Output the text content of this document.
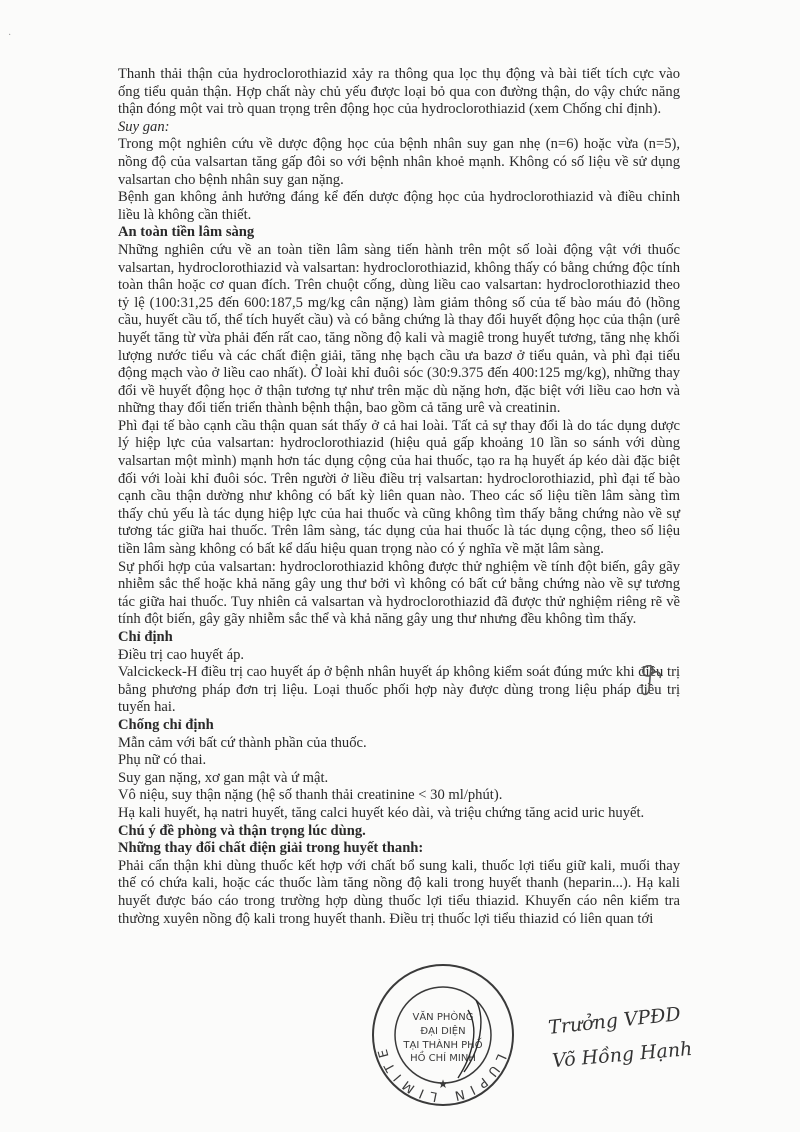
·

Thanh thải thận của hydroclorothiazid xảy ra thông qua lọc thụ động và bài tiết tích cực vào ống tiểu quản thận. Hợp chất này chủ yếu được loại bỏ qua con đường thận, do vậy chức năng thận đóng một vai trò quan trọng trên động học của hydroclorothiazid (xem Chống chỉ định).

Suy gan:

Trong một nghiên cứu về dược động học của bệnh nhân suy gan nhẹ (n=6) hoặc vừa (n=5), nồng độ của valsartan tăng gấp đôi so với bệnh nhân khoẻ mạnh. Không có số liệu về sử dụng valsartan cho bệnh nhân suy gan nặng.

Bệnh gan không ảnh hưởng đáng kể đến dược động học của hydroclorothiazid và điều chỉnh liều là không cần thiết.

An toàn tiền lâm sàng

Những nghiên cứu về an toàn tiền lâm sàng tiến hành trên một số loài động vật với thuốc valsartan, hydroclorothiazid và valsartan: hydroclorothiazid, không thấy có bằng chứng độc tính toàn thân hoặc cơ quan đích. Trên chuột cống, dùng liều cao valsartan: hydroclorothiazid theo tỷ lệ (100:31,25 đến 600:187,5 mg/kg cân nặng) làm giảm thông số của tế bào máu đỏ (hồng cầu, huyết cầu tố, thể tích huyết cầu) và có bằng chứng là thay đổi huyết động học của thận (urê huyết tăng từ vừa phải đến rất cao, tăng nồng độ kali và magiê trong huyết tương, tăng nhẹ khối lượng nước tiểu và các chất điện giải, tăng nhẹ bạch cầu ưa bazơ ở tiểu quản, và phì đại tiểu động mạch vào ở liều cao nhất). Ở loài khỉ đuôi sóc (30:9.375 đến 400:125 mg/kg), những thay đổi về huyết động học ở thận tương tự như trên mặc dù nặng hơn, đặc biệt với liều cao hơn và những thay đổi tiến triển thành bệnh thận, bao gồm cả tăng urê và creatinin.

Phì đại tế bào cạnh cầu thận quan sát thấy ở cả hai loài. Tất cả sự thay đổi là do tác dụng dược lý hiệp lực của valsartan: hydroclorothiazid (hiệu quả gấp khoảng 10 lần so sánh với dùng valsartan một mình) mạnh hơn tác dụng cộng của hai thuốc, tạo ra hạ huyết áp kéo dài đặc biệt đối với loài khỉ đuôi sóc. Trên người ở liều điều trị valsartan: hydroclorothiazid, phì đại tế bào cạnh cầu thận dường như không có bất kỳ liên quan nào. Theo các số liệu tiền lâm sàng tìm thấy chủ yếu là tác dụng hiệp lực của hai thuốc và cũng không tìm thấy bằng chứng nào về sự tương tác giữa hai thuốc. Trên lâm sàng, tác dụng của hai thuốc là tác dụng cộng, theo số liệu tiền lâm sàng không có bất kể dấu hiệu quan trọng nào có ý nghĩa về mặt lâm sàng.

Sự phối hợp của valsartan: hydroclorothiazid không được thử nghiệm về tính đột biến, gây gãy nhiễm sắc thể hoặc khả năng gây ung thư bởi vì không có bất cứ bằng chứng nào về sự tương tác giữa hai thuốc. Tuy nhiên cả valsartan và hydroclorothiazid đã được thử nghiệm riêng rẽ về tính đột biến, gây gãy nhiễm sắc thể và khả năng gây ung thư nhưng đều không tìm thấy.

Chỉ định

Điều trị cao huyết áp.

Valcickeck-H điều trị cao huyết áp ở bệnh nhân huyết áp không kiểm soát đúng mức khi điều trị bằng phương pháp đơn trị liệu. Loại thuốc phối hợp này được dùng trong liệu pháp điều trị tuyến hai.

Chống chỉ định

Mẫn cảm với bất cứ thành phần của thuốc.

Phụ nữ có thai.

Suy gan nặng, xơ gan mật và ứ mật.

Vô niệu, suy thận nặng (hệ số thanh thải creatinine < 30 ml/phút).

Hạ kali huyết, hạ natri huyết, tăng calci huyết kéo dài, và triệu chứng tăng acid uric huyết.

Chú ý đề phòng và thận trọng lúc dùng.

Những thay đổi chất điện giải trong huyết thanh:

Phải cẩn thận khi dùng thuốc kết hợp với chất bổ sung kali, thuốc lợi tiểu giữ kali, muối thay thế có chứa kali, hoặc các thuốc làm tăng nồng độ kali trong huyết thanh (heparin...). Hạ kali huyết được báo cáo trong trường hợp dùng thuốc lợi tiểu thiazid. Khuyến cáo nên kiểm tra thường xuyên nồng độ kali trong huyết thanh. Điều trị thuốc lợi tiểu thiazid có liên quan tới

LUPIN LIMITE
VĂN PHÒNG
ĐẠI DIỆN
TẠI THÀNH PHỐ
HỒ CHÍ MINH
★
Trưởng VPĐD
Võ Hồng Hạnh
